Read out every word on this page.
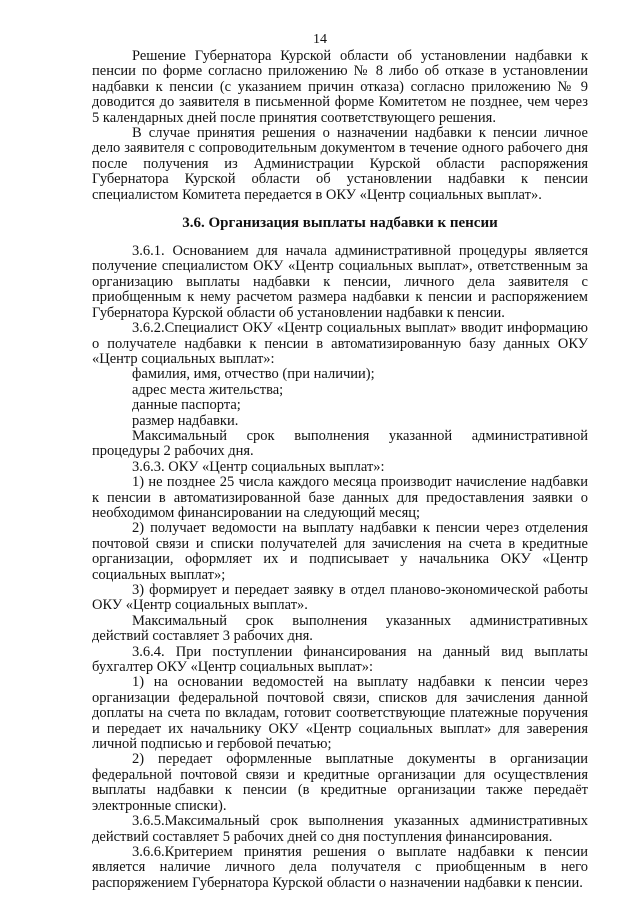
14

Решение Губернатора Курской области об установлении надбавки к пенсии по форме согласно приложению № 8 либо об отказе в установлении надбавки к пенсии (с указанием причин отказа) согласно приложению № 9 доводится до заявителя в письменной форме Комитетом не позднее, чем через 5 календарных дней после принятия соответствующего решения.

В случае принятия решения о назначении надбавки к пенсии личное дело заявителя с сопроводительным документом в течение одного рабочего дня после получения из Администрации Курской области распоряжения Губернатора Курской области об установлении надбавки к пенсии специалистом Комитета передается в ОКУ «Центр социальных выплат».

3.6. Организация выплаты надбавки к пенсии

3.6.1. Основанием для начала административной процедуры является получение специалистом ОКУ «Центр социальных выплат», ответственным за организацию выплаты надбавки к пенсии, личного дела заявителя с приобщенным к нему расчетом размера надбавки к пенсии и распоряжением Губернатора Курской области об установлении надбавки к пенсии.

3.6.2.Специалист ОКУ «Центр социальных выплат» вводит информацию о получателе надбавки к пенсии в автоматизированную базу данных ОКУ «Центр социальных выплат»:

фамилия, имя, отчество (при наличии);

адрес места жительства;

данные паспорта;

размер надбавки.

Максимальный срок выполнения указанной административной процедуры 2 рабочих дня.

3.6.3. ОКУ «Центр социальных выплат»:

1) не позднее 25 числа каждого месяца производит начисление надбавки к пенсии в автоматизированной базе данных для предоставления заявки о необходимом финансировании на следующий месяц;

2) получает ведомости на выплату надбавки к пенсии через отделения почтовой связи и списки получателей для зачисления на счета в кредитные организации, оформляет их и подписывает у начальника ОКУ «Центр социальных выплат»;

3) формирует и передает заявку в отдел планово-экономической работы ОКУ «Центр социальных выплат».

Максимальный срок выполнения указанных административных действий составляет 3 рабочих дня.

3.6.4. При поступлении финансирования на данный вид выплаты бухгалтер ОКУ «Центр социальных выплат»:

1) на основании ведомостей на выплату надбавки к пенсии через организации федеральной почтовой связи, списков для зачисления данной доплаты на счета по вкладам, готовит соответствующие платежные поручения и передает их начальнику ОКУ «Центр социальных выплат» для заверения личной подписью и гербовой печатью;

2) передает оформленные выплатные документы в организации федеральной почтовой связи и кредитные организации для осуществления выплаты надбавки к пенсии (в кредитные организации также передаёт электронные списки).

3.6.5.Максимальный срок выполнения указанных административных действий составляет 5 рабочих дней со дня поступления финансирования.

3.6.6.Критерием принятия решения о выплате надбавки к пенсии является наличие личного дела получателя с приобщенным в него распоряжением Губернатора Курской области о назначении надбавки к пенсии.
